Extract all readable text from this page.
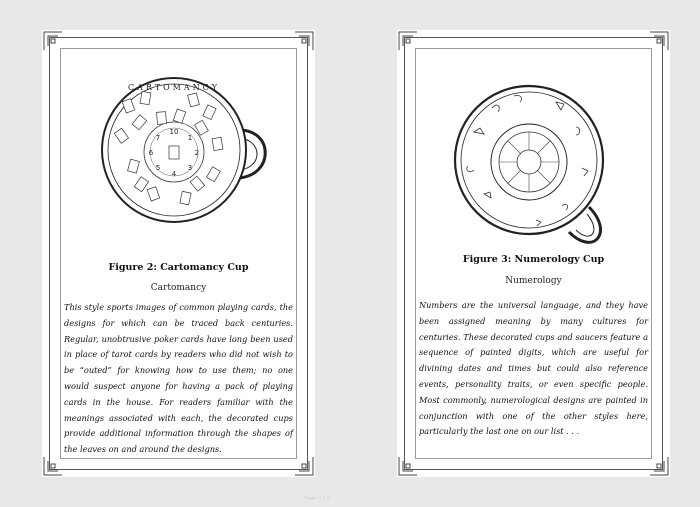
10
1
2
3
4
5
6
7
CARTOMANCY
Figure 2: Cartomancy Cup
Cartomancy
This style sports images of common playing cards, the designs for which can be traced back centuries. Regular, unobtrusive poker cards have long been used in place of tarot cards by readers who did not wish to be “outed” for knowing how to use them; no one would suspect anyone for having a pack of playing cards in the house. For readers familiar with the meanings associated with each, the decorated cups provide additional information through the shapes of the leaves on and around the designs.
Figure 3: Numerology Cup
Numerology
Numbers are the universal language, and they have been assigned meaning by many cultures for centuries. These decorated cups and saucers feature a sequence of painted digits, which are useful for divining dates and times but could also reference events, personality traits, or even specific people. Most commonly, numerological designs are painted in conjunction with one of the other styles here, particularly the last one on our list . . .
Page 2 | 3
